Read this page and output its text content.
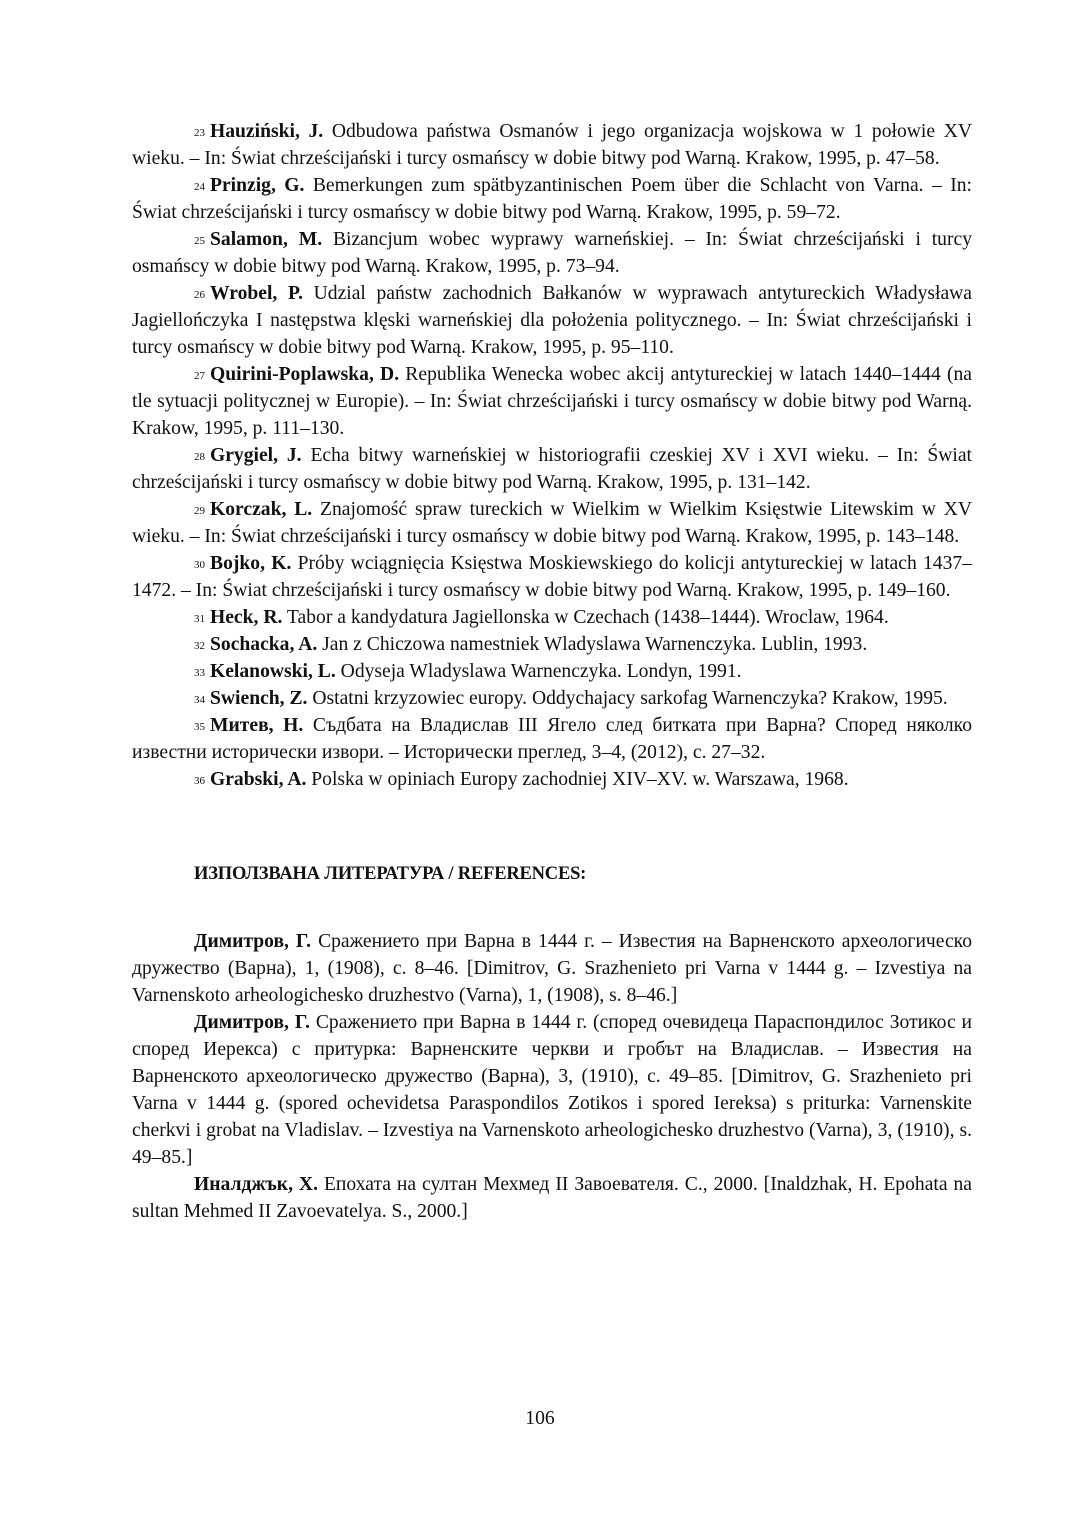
$^{23}$ Hauziński, J. Odbudowa państwa Osmanów i jego organizacja wojskowa w 1 połowie XV wieku. – In: Świat chrześcijański i turcy osmańscy w dobie bitwy pod Warną. Krakow, 1995, p. 47–58.

$^{24}$ Prinzig, G. Bemerkungen zum spätbyzantinischen Poem über die Schlacht von Varna. – In: Świat chrześcijański i turcy osmańscy w dobie bitwy pod Warną. Krakow, 1995, p. 59–72.

$^{25}$ Salamon, M. Bizancjum wobec wyprawy warneńskiej. – In: Świat chrześcijański i turcy osmańscy w dobie bitwy pod Warną. Krakow, 1995, p. 73–94.

$^{26}$ Wrobel, P. Udzial państw zachodnich Bałkanów w wyprawach antytureckich Władysława Jagiellończyka I następstwa klęski warneńskiej dla położenia politycznego. – In: Świat chrześcijański i turcy osmańscy w dobie bitwy pod Warną. Krakow, 1995, p. 95–110.

$^{27}$ Quirini-Poplawska, D. Republika Wenecka wobec akcij antytureckiej w latach 1440–1444 (na tle sytuacji politycznej w Europie). – In: Świat chrześcijański i turcy osmańscy w dobie bitwy pod Warną. Krakow, 1995, p. 111–130.

$^{28}$ Grygiel, J. Echa bitwy warneńskiej w historiografii czeskiej XV i XVI wieku. – In: Świat chrześcijański i turcy osmańscy w dobie bitwy pod Warną. Krakow, 1995, p. 131–142.

$^{29}$ Korczak, L. Znajomość spraw tureckich w Wielkim w Wielkim Księstwie Litewskim w XV wieku. – In: Świat chrześcijański i turcy osmańscy w dobie bitwy pod Warną. Krakow, 1995, p. 143–148.

$^{30}$ Bojko, K. Próby wciągnięcia Księstwa Moskiewskiego do kolicji antytureckiej w latach 1437–1472. – In: Świat chrześcijański i turcy osmańscy w dobie bitwy pod Warną. Krakow, 1995, p. 149–160.

$^{31}$ Heck, R. Tabor a kandydatura Jagiellonska w Czechach (1438–1444). Wroclaw, 1964.

$^{32}$ Sochacka, A. Jan z Chiczowa namestniek Wladyslawa Warnenczyka. Lublin, 1993.

$^{33}$ Kelanowski, L. Odyseja Wladyslawa Warnenczyka. Londyn, 1991.

$^{34}$ Swiench, Z. Ostatni krzyzowiec europy. Oddychajacy sarkofag Warnenczyka? Krakow, 1995.

$^{35}$ Митев, Н. Съдбата на Владислав III Ягело след битката при Варна? Според няколко известни исторически извори. – Исторически преглед, 3–4, (2012), с. 27–32.

$^{36}$ Grabski, A. Polska w opiniach Europy zachodniej XIV–XV. w. Warszawa, 1968.

ИЗПОЛЗВАНА ЛИТЕРАТУРА / REFERENCES:

Димитров, Г. Сражението при Варна в 1444 г. – Известия на Варненското археологическо дружество (Варна), 1, (1908), с. 8–46. [Dimitrov, G. Srazhenieto pri Varna v 1444 g. – Izvestiya na Varnenskoto arheologichesko druzhestvo (Varna), 1, (1908), s. 8–46.]

Димитров, Г. Сражението при Варна в 1444 г. (според очевидеца Параспондилос Зотикос и според Иерекса) с притурка: Варненските черкви и гробът на Владислав. – Известия на Варненското археологическо дружество (Варна), 3, (1910), с. 49–85. [Dimitrov, G. Srazhenieto pri Varna v 1444 g. (spored ochevidetsa Paraspondilos Zotikos i spored Iereksa) s priturka: Varnenskite cherkvi i grobat na Vladislav. – Izvestiya na Varnenskoto arheologichesko druzhestvo (Varna), 3, (1910), s. 49–85.]

Иналджък, Х. Епохата на султан Мехмед II Завоевателя. С., 2000. [Inaldzhak, H. Epohata na sultan Mehmed II Zavoevatelya. S., 2000.]

106
